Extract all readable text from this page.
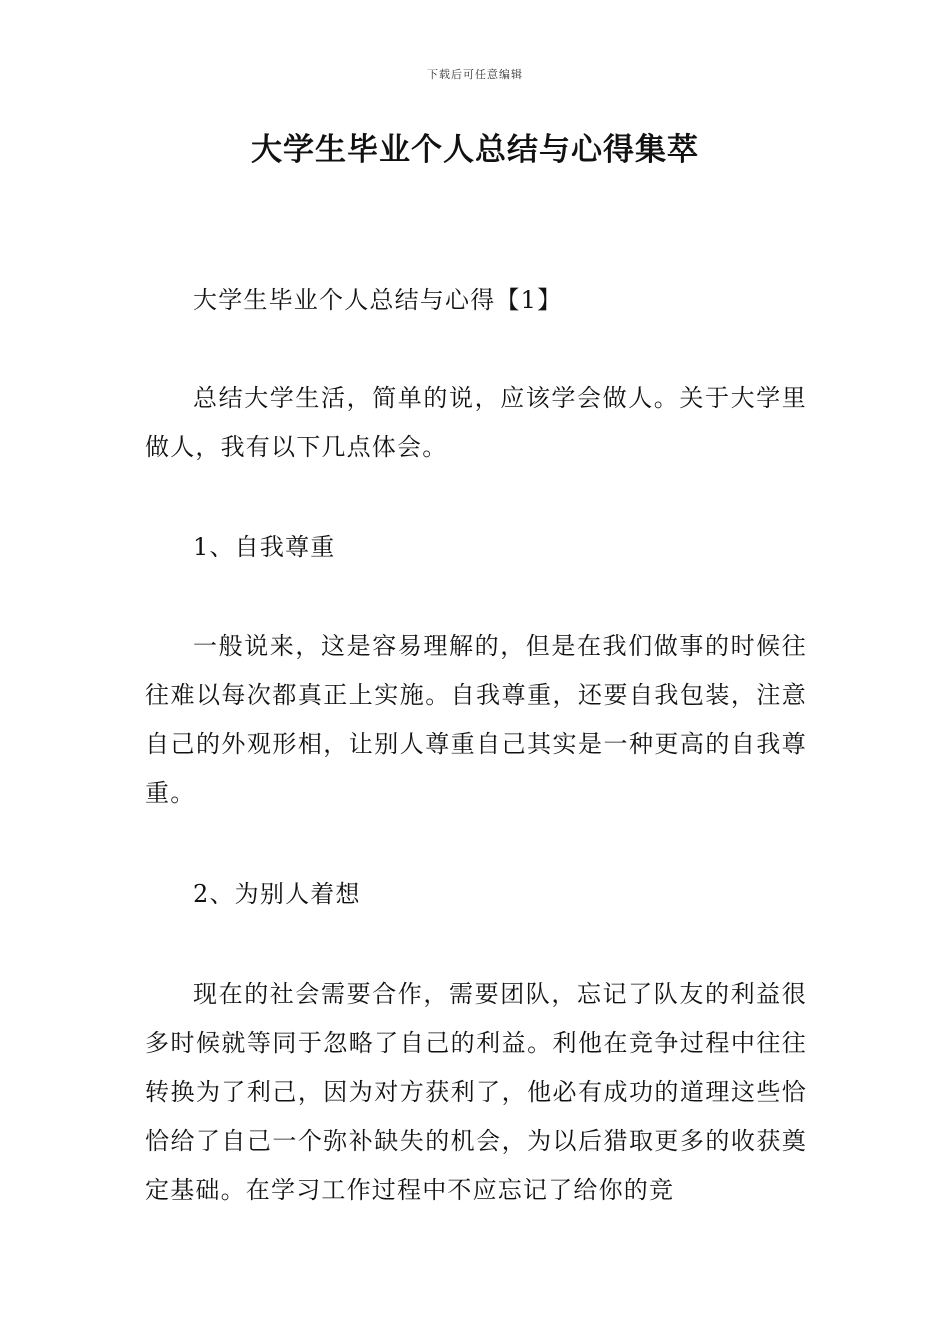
下载后可任意编辑
大学生毕业个人总结与心得集萃

大学生毕业个人总结与心得【1】

总结大学生活，简单的说，应该学会做人。关于大学里做人，我有以下几点体会。

1、自我尊重

一般说来，这是容易理解的，但是在我们做事的时候往往难以每次都真正上实施。自我尊重，还要自我包装，注意自己的外观形相，让别人尊重自己其实是一种更高的自我尊重。

2、为别人着想

现在的社会需要合作，需要团队，忘记了队友的利益很多时候就等同于忽略了自己的利益。利他在竞争过程中往往转换为了利己，因为对方获利了，他必有成功的道理这些恰恰给了自己一个弥补缺失的机会，为以后猎取更多的收获奠定基础。在学习工作过程中不应忘记了给你的竞
